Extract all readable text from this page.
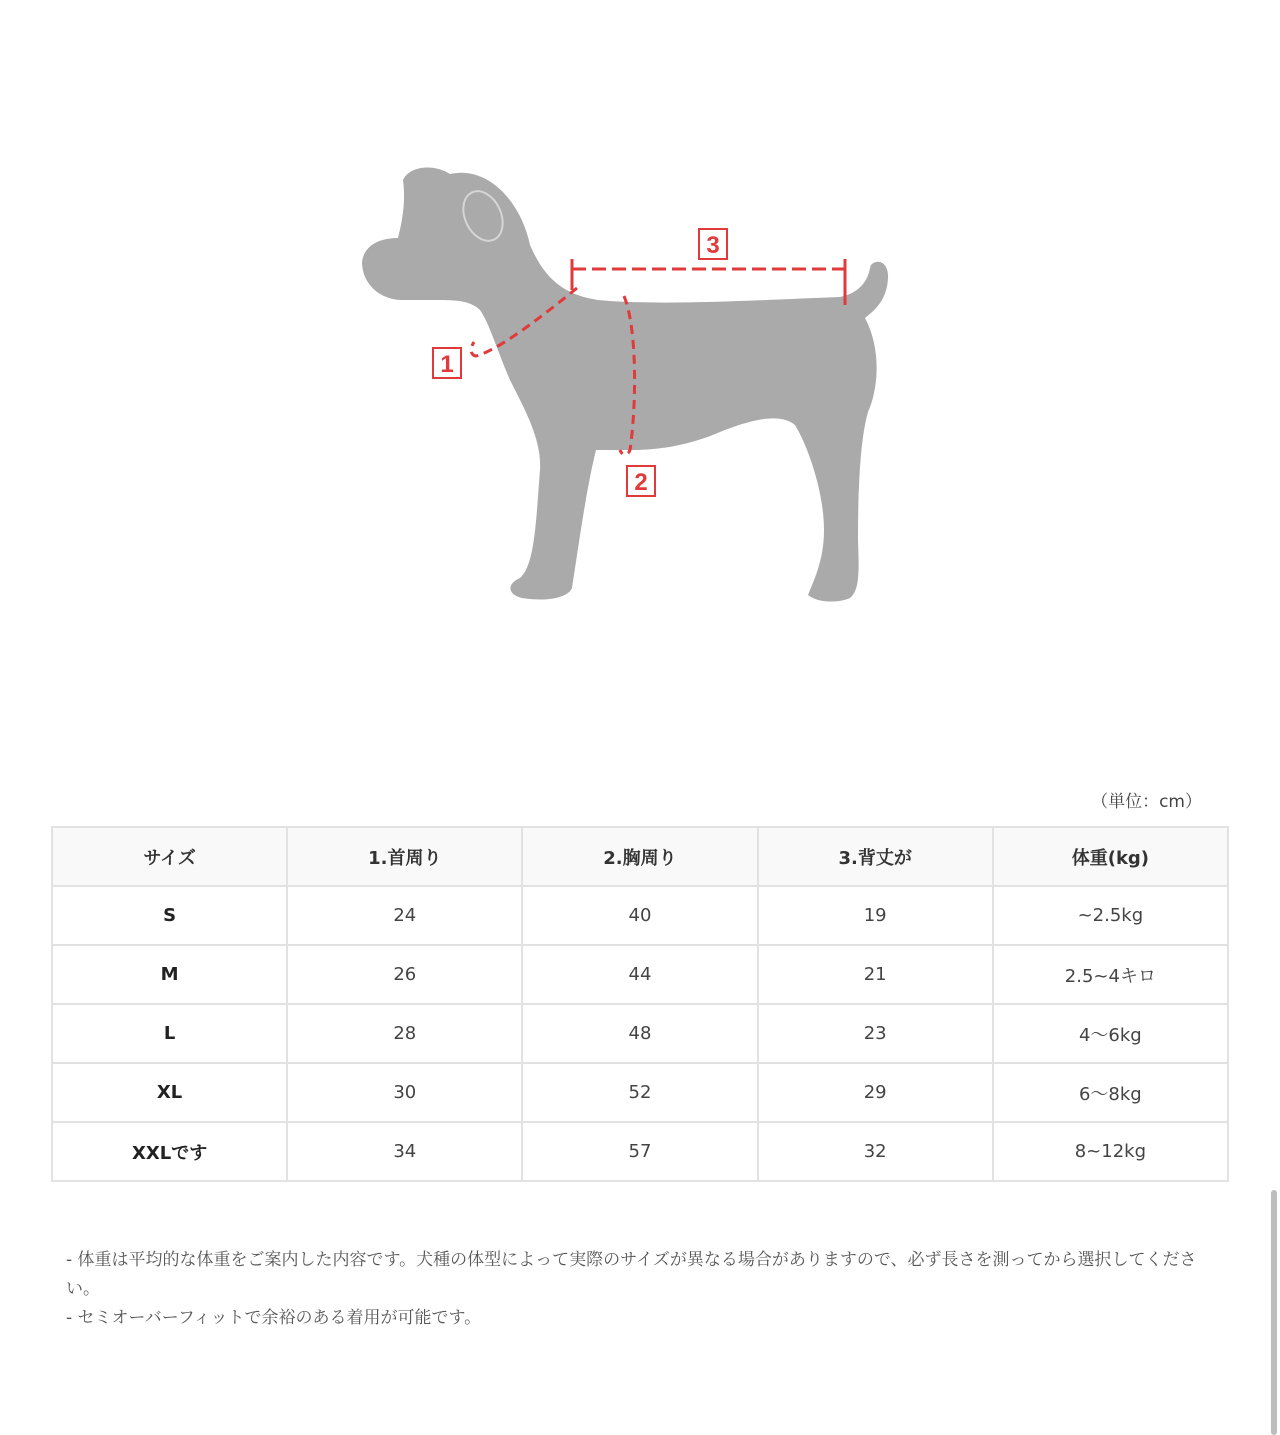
1
2
3
（単位：cm）
サイズ	1.首周り	2.胸周り	3.背丈が	体重(kg)
S	24	40	19	~2.5kg
M	26	44	21	2.5~4キロ
L	28	48	23	4〜6kg
XL	30	52	29	6〜8kg
XXLです	34	57	32	8~12kg

- 体重は平均的な体重をご案内した内容です。犬種の体型によって実際のサイズが異なる場合がありますので、必ず長さを測ってから選択してください。

- セミオーバーフィットで余裕のある着用が可能です。
